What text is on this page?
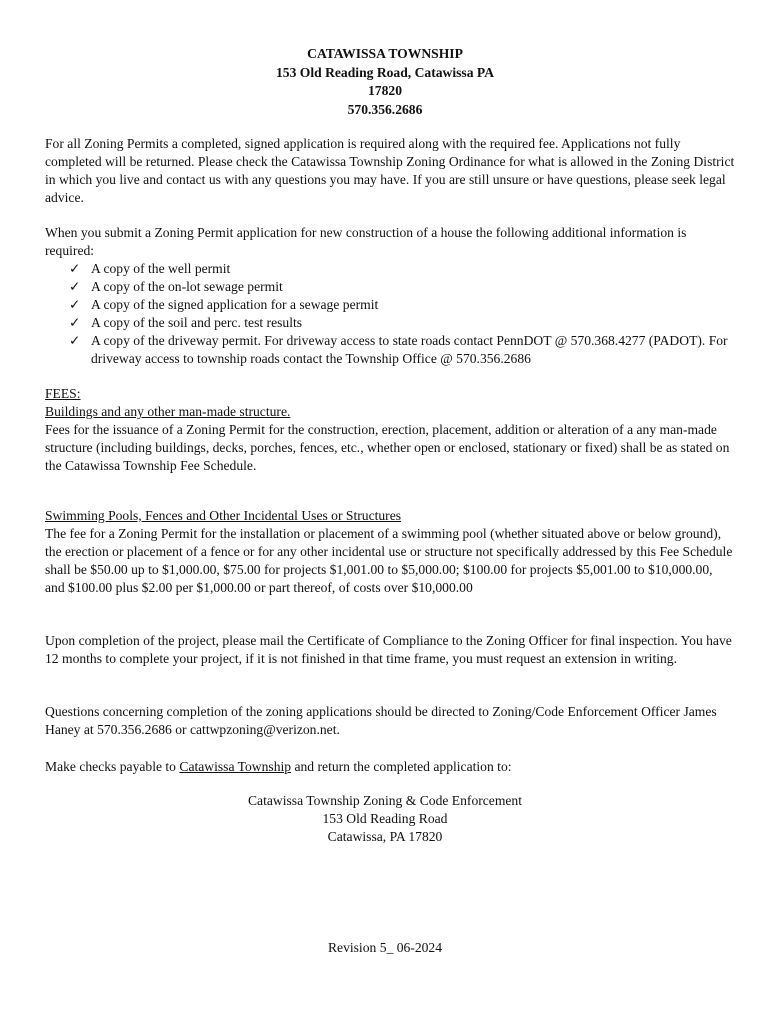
CATAWISSA TOWNSHIP
153 Old Reading Road, Catawissa PA
17820
570.356.2686

For all Zoning Permits a completed, signed application is required along with the required fee. Applications not fully completed will be returned. Please check the Catawissa Township Zoning Ordinance for what is allowed in the Zoning District in which you live and contact us with any questions you may have. If you are still unsure or have questions, please seek legal advice.

When you submit a Zoning Permit application for new construction of a house the following additional information is required:

✓ A copy of the well permit
✓ A copy of the on-lot sewage permit
✓ A copy of the signed application for a sewage permit
✓ A copy of the soil and perc. test results
✓ A copy of the driveway permit. For driveway access to state roads contact PennDOT @ 570.368.4277 (PADOT). For driveway access to township roads contact the Township Office @ 570.356.2686

FEES:

Buildings and any other man-made structure.

Fees for the issuance of a Zoning Permit for the construction, erection, placement, addition or alteration of a any man-made structure (including buildings, decks, porches, fences, etc., whether open or enclosed, stationary or fixed) shall be as stated on the Catawissa Township Fee Schedule.

Swimming Pools, Fences and Other Incidental Uses or Structures

The fee for a Zoning Permit for the installation or placement of a swimming pool (whether situated above or below ground), the erection or placement of a fence or for any other incidental use or structure not specifically addressed by this Fee Schedule shall be $50.00 up to $1,000.00, $75.00 for projects $1,001.00 to $5,000.00; $100.00 for projects $5,001.00 to $10,000.00, and $100.00 plus $2.00 per $1,000.00 or part thereof, of costs over $10,000.00

Upon completion of the project, please mail the Certificate of Compliance to the Zoning Officer for final inspection. You have 12 months to complete your project, if it is not finished in that time frame, you must request an extension in writing.

Questions concerning completion of the zoning applications should be directed to Zoning/Code Enforcement Officer James Haney at 570.356.2686 or cattwpzoning@verizon.net.

Make checks payable to Catawissa Township and return the completed application to:

Catawissa Township Zoning & Code Enforcement
153 Old Reading Road
Catawissa, PA 17820
Revision 5_ 06-2024
